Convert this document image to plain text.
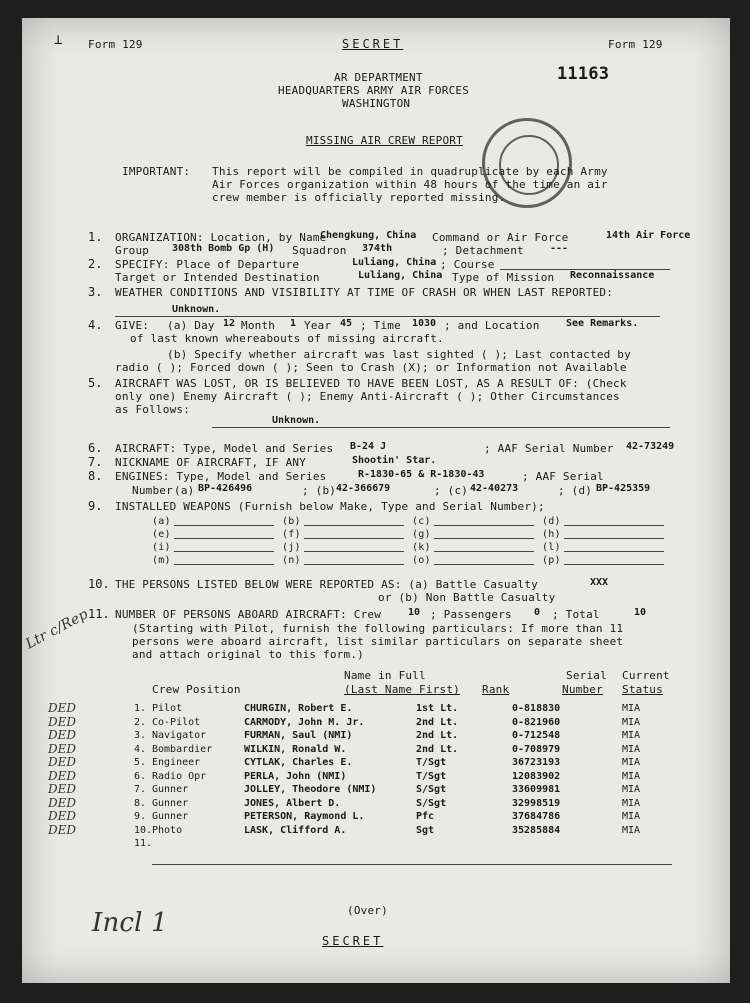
⊥ Form 129	SECRET	Form 129
11163
AR DEPARTMENT
HEADQUARTERS ARMY AIR FORCES
WASHINGTON
MISSING AIR CREW REPORT
IMPORTANT: This report will be compiled in quadruplicate by each Army
Air Forces organization within 48 hours of the time an air
crew member is officially reported missing.
1. ORGANIZATION: Location, by Name
Chengkung, China Command or Air Force	14th Air Force
Group 308th Bomb Gp (H) Squadron 374th	; Detachment	---
2. SPECIFY: Place of Departure	Luliang, China ; Course
Target or Intended Destination	Luliang, China Type of Mission Reconnaissance
3. WEATHER CONDITIONS AND VISIBILITY AT TIME OF CRASH OR WHEN LAST REPORTED:
Unknown.
4. GIVE: (a) Day 12 Month 1 Year 45 ; Time 1030 ; and Location	See Remarks.
of last known whereabouts of missing aircraft.
(b) Specify whether aircraft was last sighted ( ); Last contacted by
radio ( ); Forced down ( ); Seen to Crash (X); or Information not Available
5. AIRCRAFT WAS LOST, OR IS BELIEVED TO HAVE BEEN LOST, AS A RESULT OF: (Check
only one) Enemy Aircraft ( ); Enemy Anti-Aircraft ( ); Other Circumstances
as Follows:
Unknown.
6. AIRCRAFT: Type, Model and Series B-24 J	; AAF Serial Number 42-73249
7. NICKNAME OF AIRCRAFT, IF ANY	Shootin' Star.
8. ENGINES: Type, Model and Series	R-1830-65 & R-1830-43	; AAF Serial
Number (a) BP-426496	; (b) 42-366679	; (c) 42-40273	; (d) BP-425359
9. INSTALLED WEAPONS (Furnish below Make, Type and Serial Number);
(a)	(b)	(c)	(d)
(e)	(f)	(g)	(h)
(i)	(j)	(k)	(l)
(m)	(n)	(o)	(p)
10. THE PERSONS LISTED BELOW WERE REPORTED AS: (a) Battle Casualty	XXX
or (b) Non Battle Casualty
11. NUMBER OF PERSONS ABOARD AIRCRAFT: Crew	10 ; Passengers 0 ; Total	10
(Starting with Pilot, furnish the following particulars: If more than 11
persons were aboard aircraft, list similar particulars on separate sheet
and attach original to this form.)
Ltr c/Rep
Name in Full	Serial Current
Crew Position	(Last Name First) Rank	Number Status
DED	1. Pilot	CHURGIN, Robert E.	1st Lt.	0-818830	MIA
DED	2. Co-Pilot	CARMODY, John M. Jr.	2nd Lt.	0-821960	MIA
DED	3. Navigator	FURMAN, Saul (NMI)	2nd Lt.	0-712548	MIA
DED	4. Bombardier	WILKIN, Ronald W.	2nd Lt.	0-708979	MIA
DED	5. Engineer	CYTLAK, Charles E.	T/Sgt	36723193	MIA
DED	6. Radio Opr	PERLA, John (NMI)	T/Sgt	12083902	MIA
DED	7. Gunner	JOLLEY, Theodore (NMI)	S/Sgt	33609981	MIA
DED	8. Gunner	JONES, Albert D.	S/Sgt	32998519	MIA
DED	9. Gunner	PETERSON, Raymond L.	Pfc	37684786	MIA
DED	10. Photo	LASK, Clifford A.	Sgt	35285884	MIA
11.
Incl 1	(Over)
SECRET
